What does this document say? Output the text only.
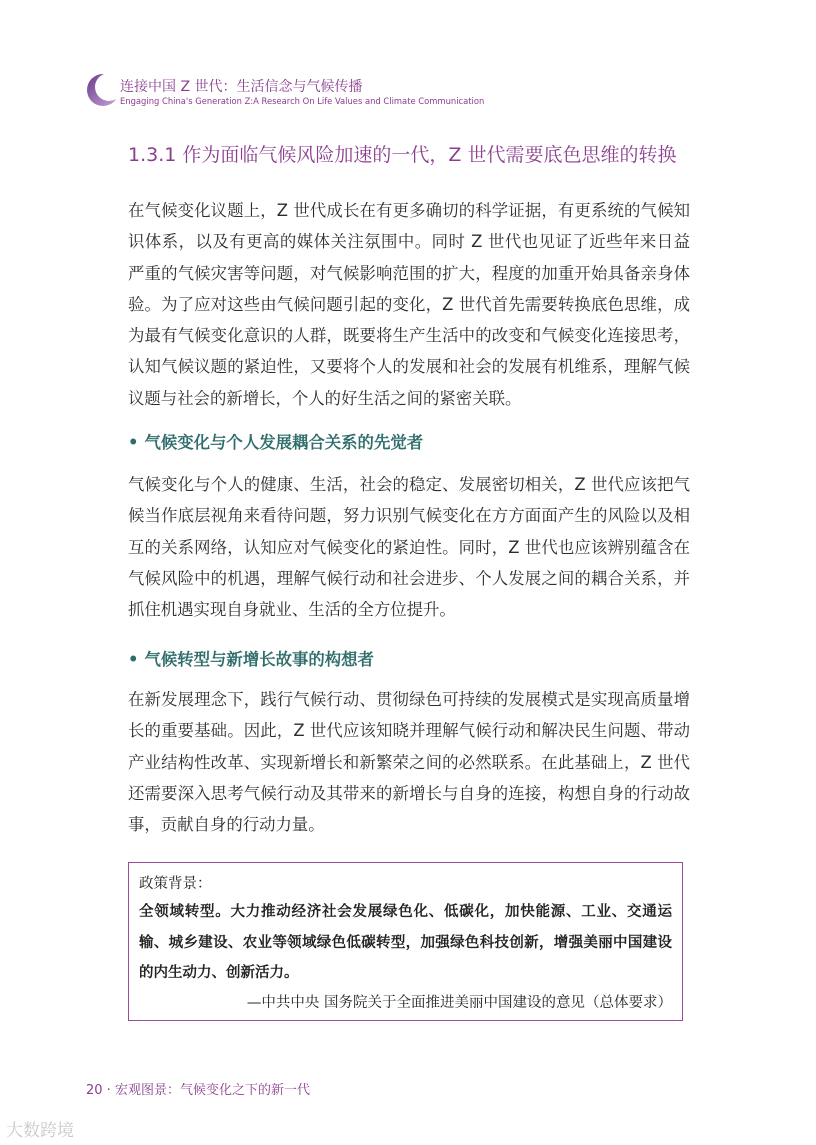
连接中国 Z 世代：生活信念与气候传播
Engaging China's Generation Z:A Research On Life Values and Climate Communication
1.3.1 作为面临气候风险加速的一代，Z 世代需要底色思维的转换

在气候变化议题上，Z 世代成长在有更多确切的科学证据，有更系统的气候知识体系，以及有更高的媒体关注氛围中。同时 Z 世代也见证了近些年来日益严重的气候灾害等问题，对气候影响范围的扩大，程度的加重开始具备亲身体验。为了应对这些由气候问题引起的变化，Z 世代首先需要转换底色思维，成为最有气候变化意识的人群，既要将生产生活中的改变和气候变化连接思考，认知气候议题的紧迫性，又要将个人的发展和社会的发展有机维系，理解气候议题与社会的新增长，个人的好生活之间的紧密关联。

• 气候变化与个人发展耦合关系的先觉者

气候变化与个人的健康、生活，社会的稳定、发展密切相关，Z 世代应该把气候当作底层视角来看待问题，努力识别气候变化在方方面面产生的风险以及相互的关系网络，认知应对气候变化的紧迫性。同时，Z 世代也应该辨别蕴含在气候风险中的机遇，理解气候行动和社会进步、个人发展之间的耦合关系，并抓住机遇实现自身就业、生活的全方位提升。

• 气候转型与新增长故事的构想者

在新发展理念下，践行气候行动、贯彻绿色可持续的发展模式是实现高质量增长的重要基础。因此，Z 世代应该知晓并理解气候行动和解决民生问题、带动产业结构性改革、实现新增长和新繁荣之间的必然联系。在此基础上，Z 世代还需要深入思考气候行动及其带来的新增长与自身的连接，构想自身的行动故事，贡献自身的行动力量。

政策背景：
全领域转型。大力推动经济社会发展绿色化、低碳化，加快能源、工业、交通运输、城乡建设、农业等领域绿色低碳转型，加强绿色科技创新，增强美丽中国建设的内生动力、创新活力。
—中共中央 国务院关于全面推进美丽中国建设的意见（总体要求）
20 · 宏观图景：气候变化之下的新一代
大数跨境
